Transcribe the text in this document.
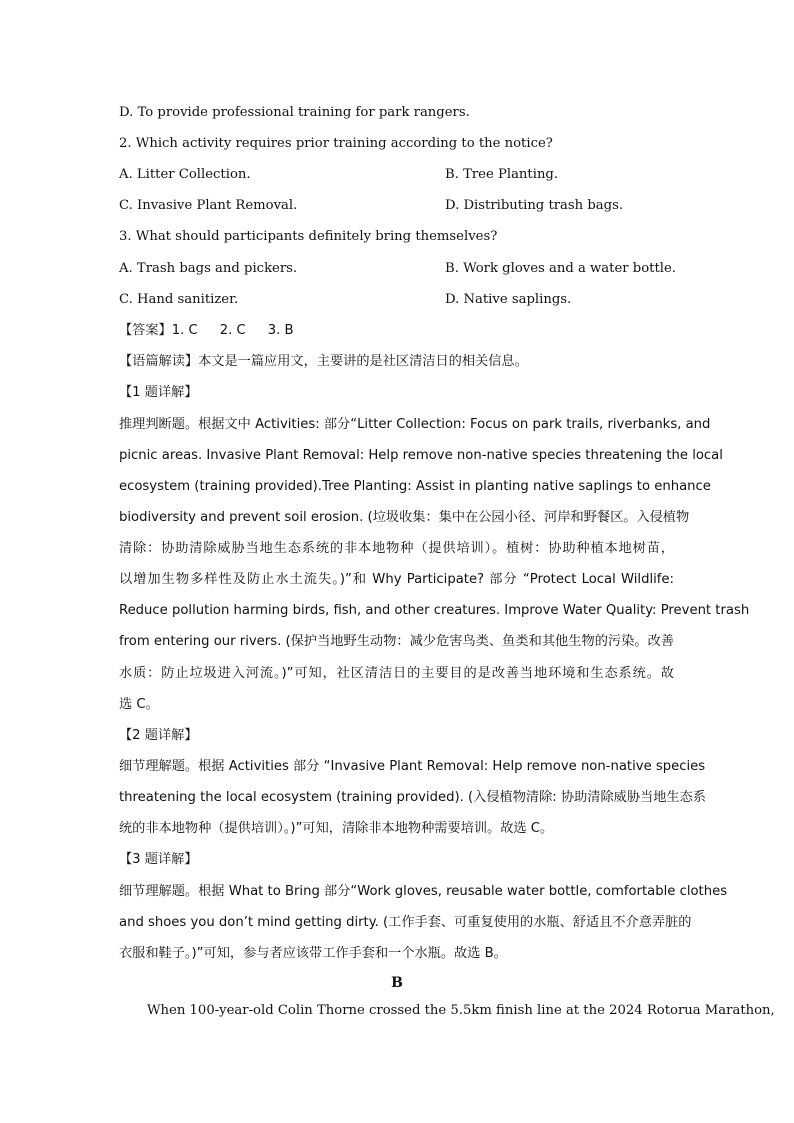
D. To provide professional training for park rangers.
2. Which activity requires prior training according to the notice?
A. Litter Collection.	B. Tree Planting.
C. Invasive Plant Removal.	D. Distributing trash bags.
3. What should participants definitely bring themselves?
A. Trash bags and pickers.	B. Work gloves and a water bottle.
C. Hand sanitizer.	D. Native saplings.
【答案】1. C 2. C 3. B
【语篇解读】本文是一篇应用文，主要讲的是社区清洁日的相关信息。
【1 题详解】
推理判断题。根据文中 Activities: 部分“Litter Collection: Focus on park trails, riverbanks, and
picnic areas. Invasive Plant Removal: Help remove non-native species threatening the local
ecosystem (training provided).Tree Planting: Assist in planting native saplings to enhance
biodiversity and prevent soil erosion. (垃圾收集：集中在公园小径、河岸和野餐区。入侵植物
清除：协助清除威胁当地生态系统的非本地物种（提供培训）。植树：协助种植本地树苗，
以增加生物多样性及防止水土流失。)”和 Why Participate? 部分 “Protect Local Wildlife:
Reduce pollution harming birds, fish, and other creatures. Improve Water Quality: Prevent trash
from entering our rivers. (保护当地野生动物：减少危害鸟类、鱼类和其他生物的污染。改善
水质：防止垃圾进入河流。)”可知，社区清洁日的主要目的是改善当地环境和生态系统。故
选 C。
【2 题详解】
细节理解题。根据 Activities 部分 “Invasive Plant Removal: Help remove non-native species
threatening the local ecosystem (training provided). (入侵植物清除: 协助清除威胁当地生态系
统的非本地物种（提供培训）。)”可知，清除非本地物种需要培训。故选 C。
【3 题详解】
细节理解题。根据 What to Bring 部分“Work gloves, reusable water bottle, comfortable clothes
and shoes you don’t mind getting dirty. (工作手套、可重复使用的水瓶、舒适且不介意弄脏的
衣服和鞋子。)”可知，参与者应该带工作手套和一个水瓶。故选 B。
B
When 100-year-old Colin Thorne crossed the 5.5km finish line at the 2024 Rotorua Marathon,
